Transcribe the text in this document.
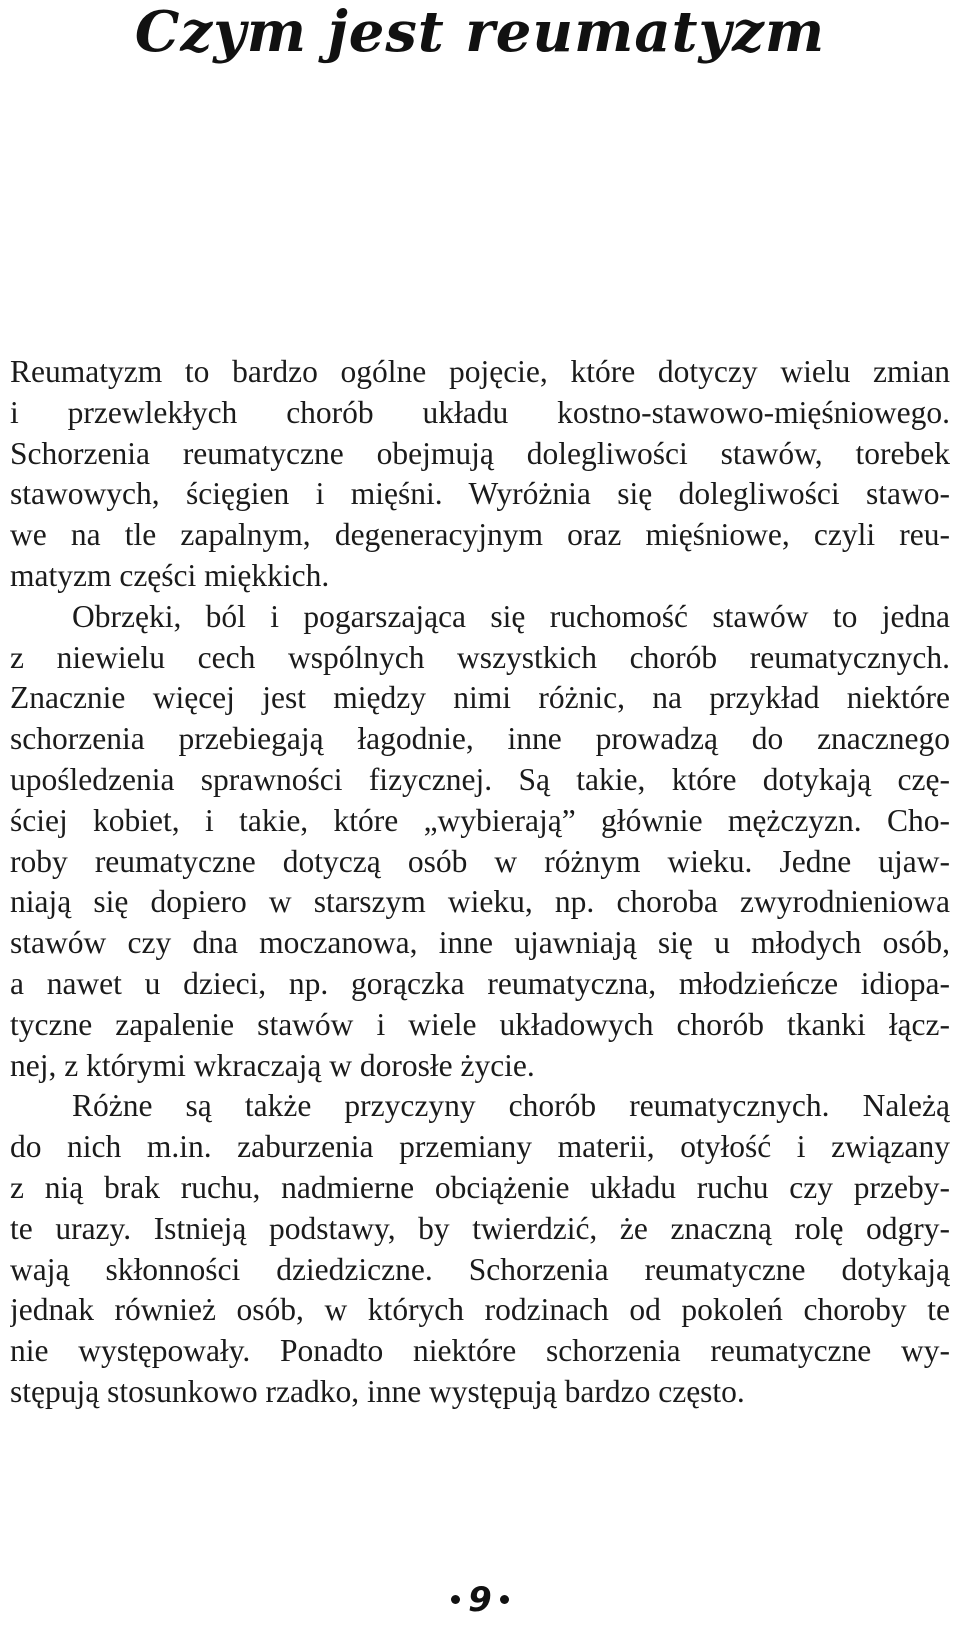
Czym jest reumatyzm
Reumatyzm to bardzo ogólne pojęcie, które dotyczy wielu zmian
i przewlekłych chorób układu kostno-stawowo-mięśniowego.
Schorzenia reumatyczne obejmują dolegliwości stawów, torebek
stawowych, ścięgien i mięśni. Wyróżnia się dolegliwości stawo-
we na tle zapalnym, degeneracyjnym oraz mięśniowe, czyli reu-
matyzm części miękkich.
Obrzęki, ból i pogarszająca się ruchomość stawów to jedna
z niewielu cech wspólnych wszystkich chorób reumatycznych.
Znacznie więcej jest między nimi różnic, na przykład niektóre
schorzenia przebiegają łagodnie, inne prowadzą do znacznego
upośledzenia sprawności fizycznej. Są takie, które dotykają czę-
ściej kobiet, i takie, które „wybierają” głównie mężczyzn. Cho-
roby reumatyczne dotyczą osób w różnym wieku. Jedne ujaw-
niają się dopiero w starszym wieku, np. choroba zwyrodnieniowa
stawów czy dna moczanowa, inne ujawniają się u młodych osób,
a nawet u dzieci, np. gorączka reumatyczna, młodzieńcze idiopa-
tyczne zapalenie stawów i wiele układowych chorób tkanki łącz-
nej, z którymi wkraczają w dorosłe życie.
Różne są także przyczyny chorób reumatycznych. Należą
do nich m.in. zaburzenia przemiany materii, otyłość i związany
z nią brak ruchu, nadmierne obciążenie układu ruchu czy przeby-
te urazy. Istnieją podstawy, by twierdzić, że znaczną rolę odgry-
wają skłonności dziedziczne. Schorzenia reumatyczne dotykają
jednak również osób, w których rodzinach od pokoleń choroby te
nie występowały. Ponadto niektóre schorzenia reumatyczne wy-
stępują stosunkowo rzadko, inne występują bardzo często.
9
